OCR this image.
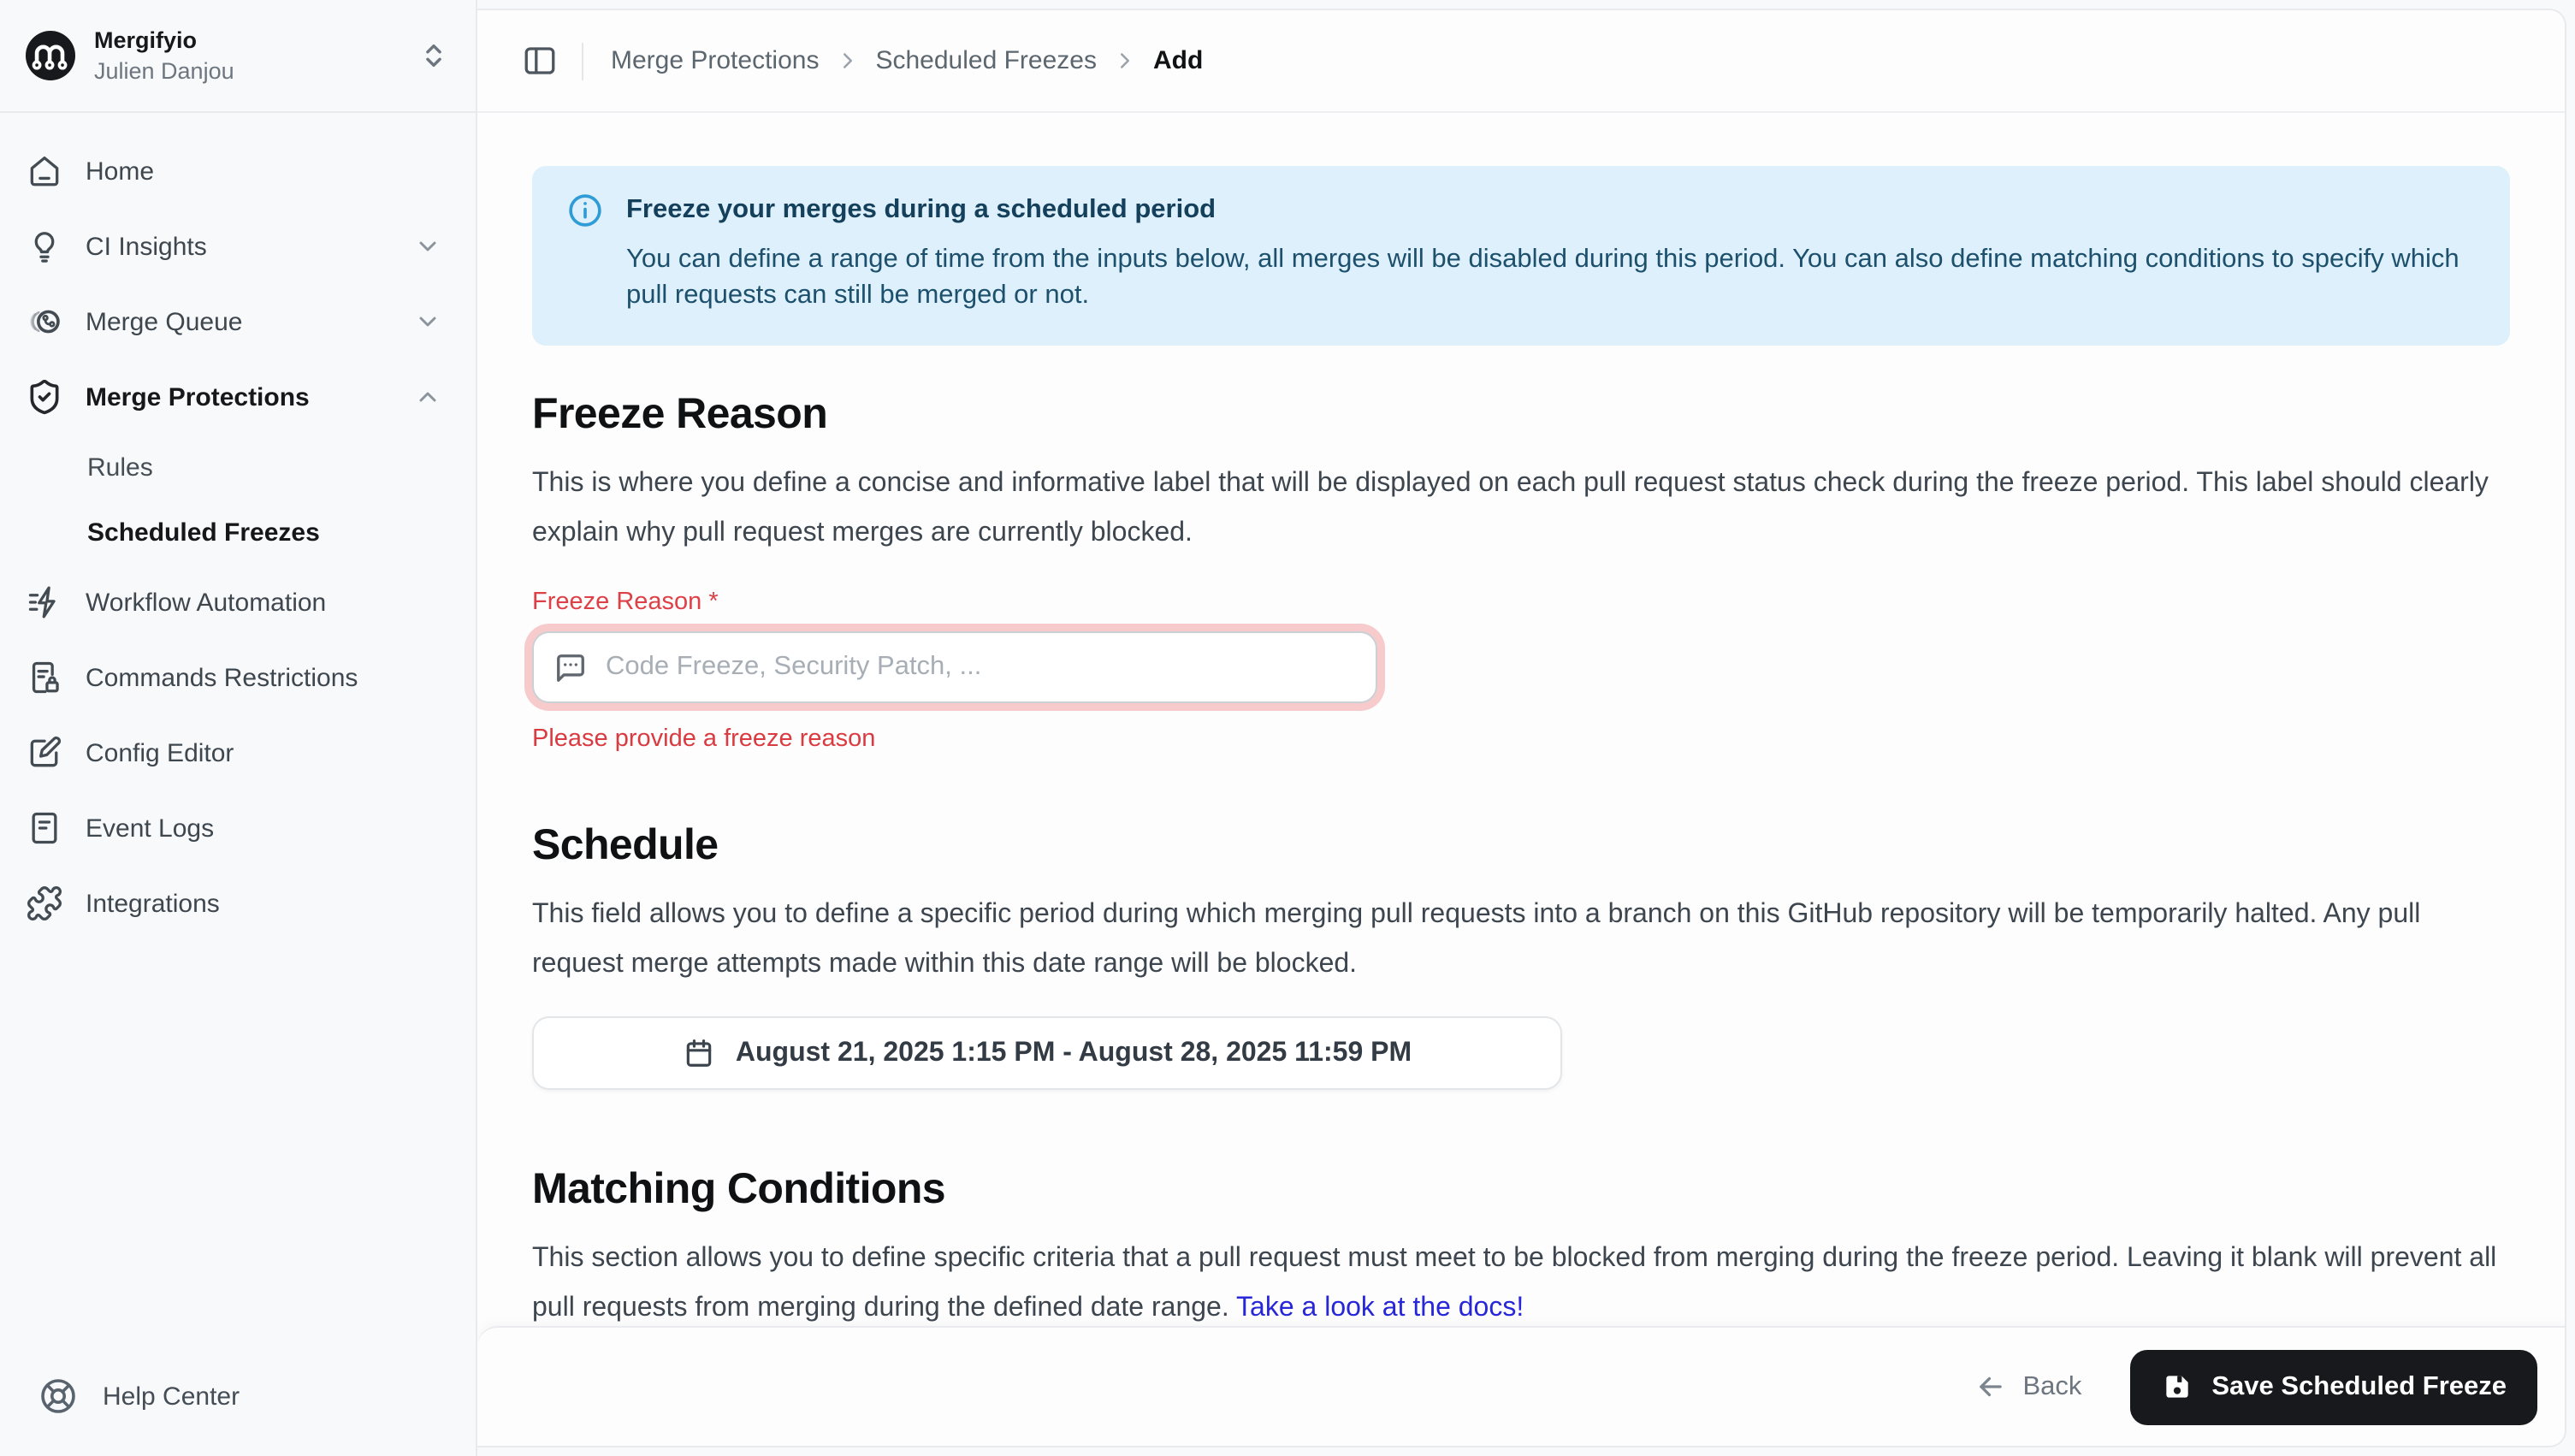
Mergifyio
Julien Danjou
Home
CI Insights
Merge Queue
Merge Protections
Rules
Scheduled Freezes
Workflow Automation
Commands Restrictions
Config Editor
Event Logs
Integrations
Help Center
Merge Protections	Scheduled Freezes	Add
Freeze your merges during a scheduled period
You can define a range of time from the inputs below, all merges will be disabled during this period. You can also define matching conditions to specify which pull requests can still be merged or not.
Freeze Reason
This is where you define a concise and informative label that will be displayed on each pull request status check during the freeze period. This label should clearly explain why pull request merges are currently blocked.
Freeze Reason *
Code Freeze, Security Patch, ...
Please provide a freeze reason
Schedule
This field allows you to define a specific period during which merging pull requests into a branch on this GitHub repository will be temporarily halted. Any pull request merge attempts made within this date range will be blocked.
August 21, 2025 1:15 PM - August 28, 2025 11:59 PM
Matching Conditions
This section allows you to define specific criteria that a pull request must meet to be blocked from merging during the freeze period. Leaving it blank will prevent all pull requests from merging during the defined date range. Take a look at the docs!
Back	Save Scheduled Freeze
